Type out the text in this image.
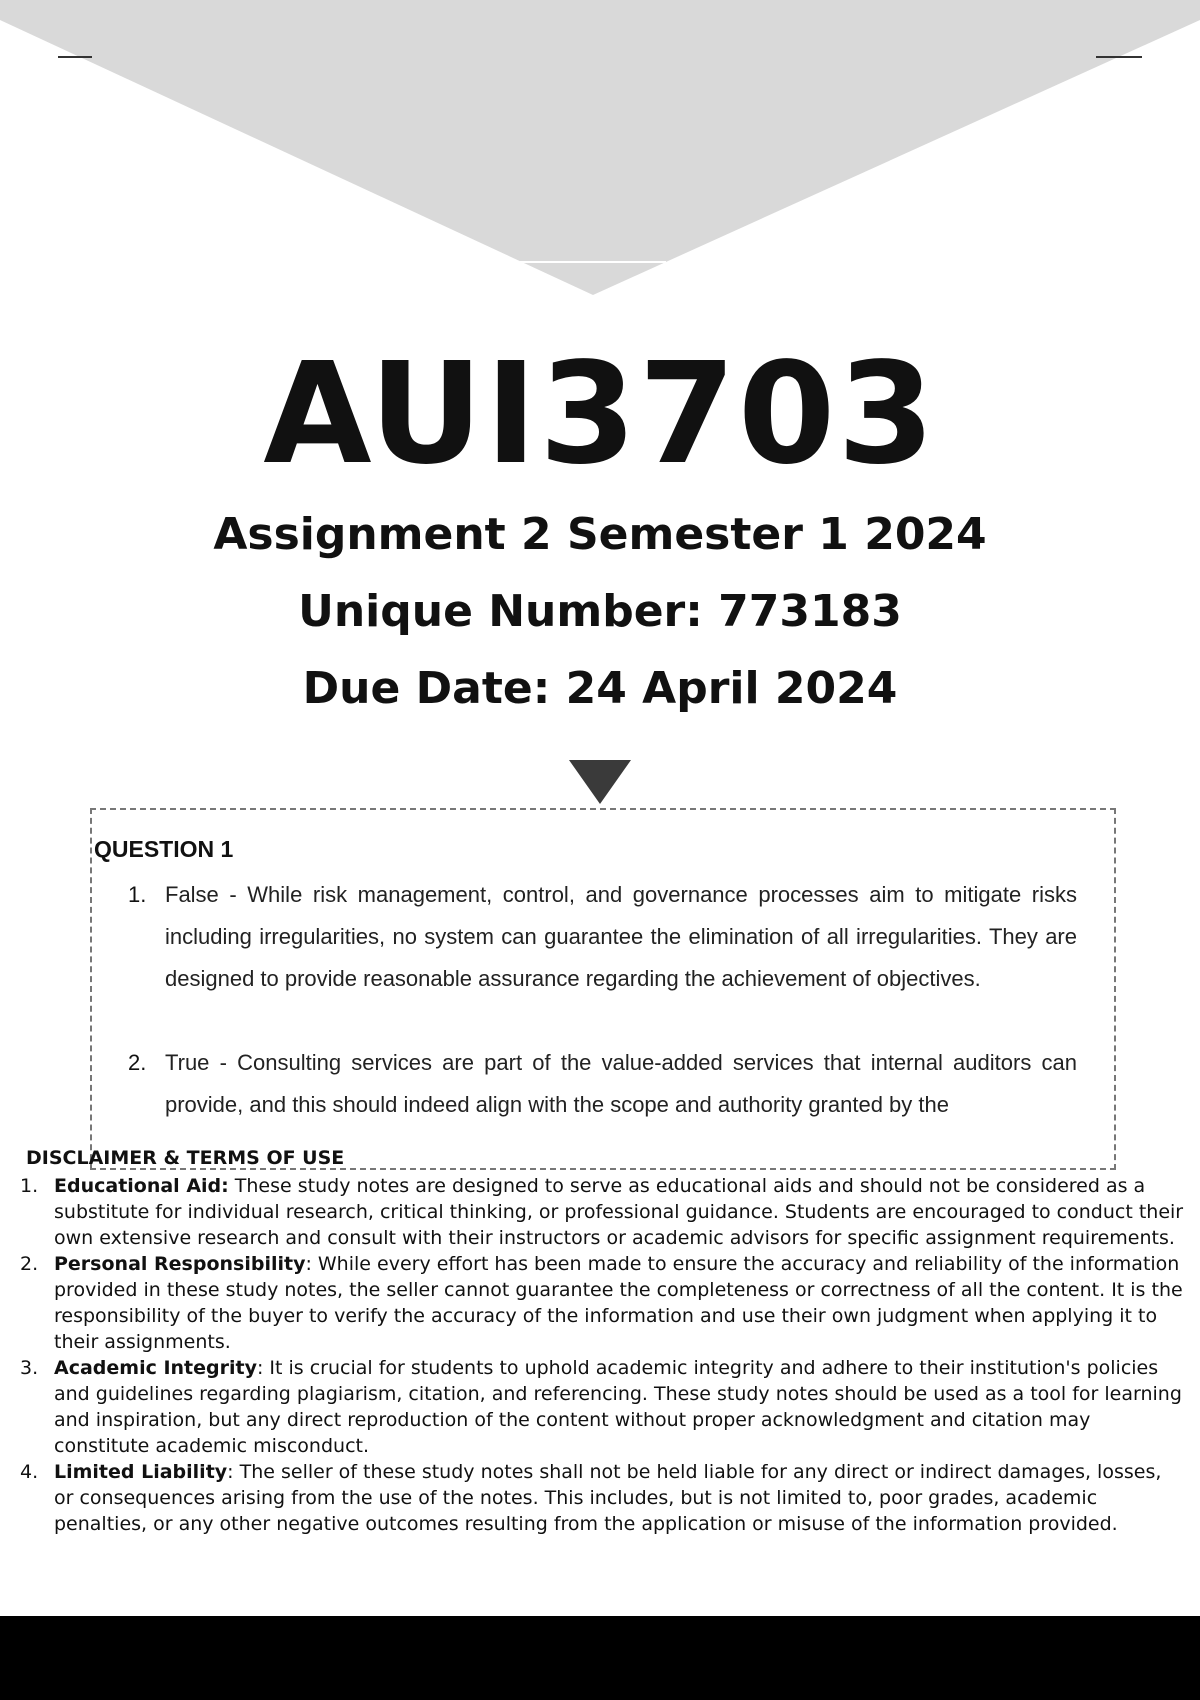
AUI3703
Assignment 2 Semester 1 2024
Unique Number: 773183
Due Date: 24 April 2024
QUESTION 1
1. False - While risk management, control, and governance processes aim to mitigate risks including irregularities, no system can guarantee the elimination of all irregularities. They are designed to provide reasonable assurance regarding the achievement of objectives.
2. True - Consulting services are part of the value-added services that internal auditors can provide, and this should indeed align with the scope and authority granted by the
DISCLAIMER & TERMS OF USE
1. Educational Aid: These study notes are designed to serve as educational aids and should not be considered as a substitute for individual research, critical thinking, or professional guidance. Students are encouraged to conduct their own extensive research and consult with their instructors or academic advisors for specific assignment requirements.
2. Personal Responsibility: While every effort has been made to ensure the accuracy and reliability of the information provided in these study notes, the seller cannot guarantee the completeness or correctness of all the content. It is the responsibility of the buyer to verify the accuracy of the information and use their own judgment when applying it to their assignments.
3. Academic Integrity: It is crucial for students to uphold academic integrity and adhere to their institution's policies and guidelines regarding plagiarism, citation, and referencing. These study notes should be used as a tool for learning and inspiration, but any direct reproduction of the content without proper acknowledgment and citation may constitute academic misconduct.
4. Limited Liability: The seller of these study notes shall not be held liable for any direct or indirect damages, losses, or consequences arising from the use of the notes. This includes, but is not limited to, poor grades, academic penalties, or any other negative outcomes resulting from the application or misuse of the information provided.
